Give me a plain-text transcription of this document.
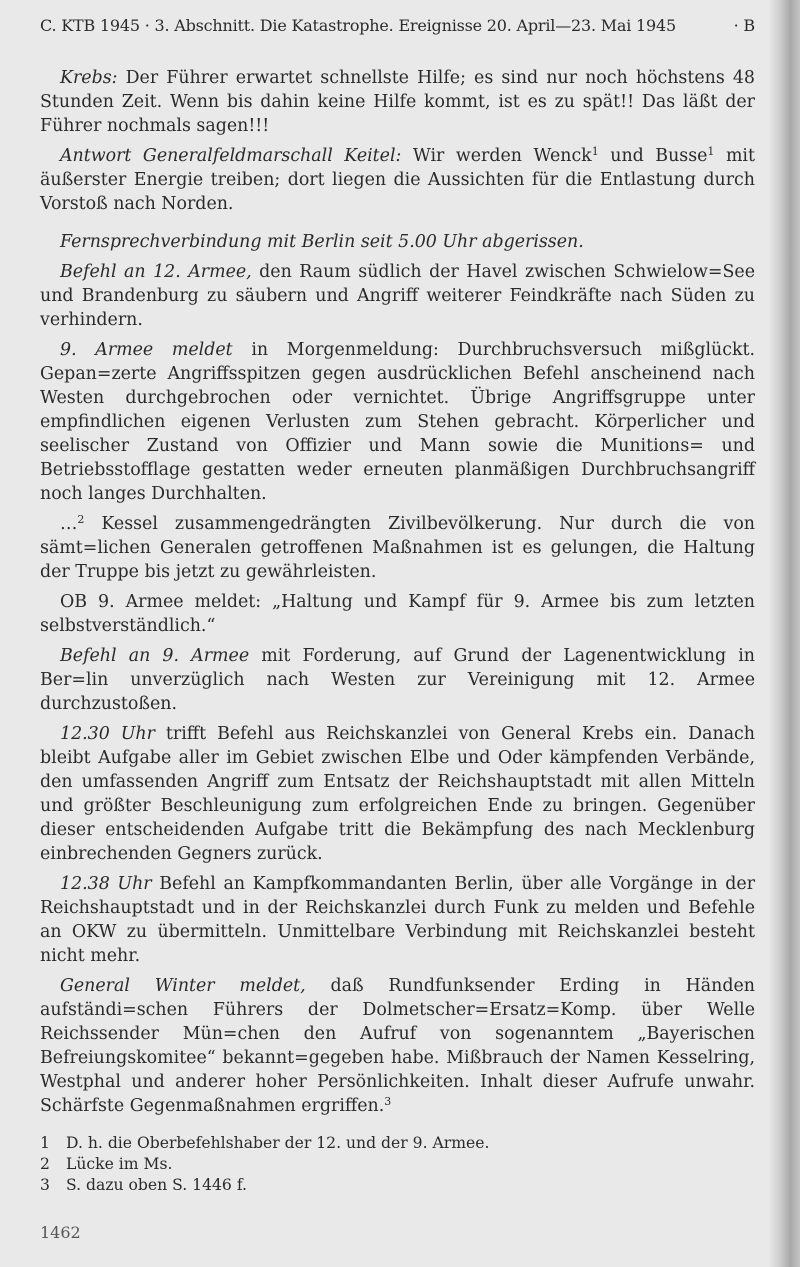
C. KTB 1945 · 3. Abschnitt. Die Katastrophe. Ereignisse 20. April—23. Mai 1945	· B

Krebs: Der Führer erwartet schnellste Hilfe; es sind nur noch höchstens 48 Stunden Zeit. Wenn bis dahin keine Hilfe kommt, ist es zu spät!! Das läßt der Führer nochmals sagen!!!

Antwort Generalfeldmarschall Keitel: Wir werden Wenck$^1$ und Busse$^1$ mit äußerster Energie treiben; dort liegen die Aussichten für die Entlastung durch Vorstoß nach Norden.

Fernsprechverbindung mit Berlin seit 5.00 Uhr abgerissen.

Befehl an 12. Armee, den Raum südlich der Havel zwischen Schwielow=See und Brandenburg zu säubern und Angriff weiterer Feindkräfte nach Süden zu verhindern.

9. Armee meldet in Morgenmeldung: Durchbruchsversuch mißglückt. Gepan=zerte Angriffsspitzen gegen ausdrücklichen Befehl anscheinend nach Westen durchgebrochen oder vernichtet. Übrige Angriffsgruppe unter empfindlichen eigenen Verlusten zum Stehen gebracht. Körperlicher und seelischer Zustand von Offizier und Mann sowie die Munitions= und Betriebsstofflage gestatten weder erneuten planmäßigen Durchbruchsangriff noch langes Durchhalten.

…$^2$ Kessel zusammengedrängten Zivilbevölkerung. Nur durch die von sämt=lichen Generalen getroffenen Maßnahmen ist es gelungen, die Haltung der Truppe bis jetzt zu gewährleisten.

OB 9. Armee meldet: „Haltung und Kampf für 9. Armee bis zum letzten selbstverständlich.“

Befehl an 9. Armee mit Forderung, auf Grund der Lagenentwicklung in Ber=lin unverzüglich nach Westen zur Vereinigung mit 12. Armee durchzustoßen.

12.30 Uhr trifft Befehl aus Reichskanzlei von General Krebs ein. Danach bleibt Aufgabe aller im Gebiet zwischen Elbe und Oder kämpfenden Verbände, den umfassenden Angriff zum Entsatz der Reichshauptstadt mit allen Mitteln und größter Beschleunigung zum erfolgreichen Ende zu bringen. Gegenüber dieser entscheidenden Aufgabe tritt die Bekämpfung des nach Mecklenburg einbrechenden Gegners zurück.

12.38 Uhr Befehl an Kampfkommandanten Berlin, über alle Vorgänge in der Reichshauptstadt und in der Reichskanzlei durch Funk zu melden und Befehle an OKW zu übermitteln. Unmittelbare Verbindung mit Reichskanzlei besteht nicht mehr.

General Winter meldet, daß Rundfunksender Erding in Händen aufständi=schen Führers der Dolmetscher=Ersatz=Komp. über Welle Reichssender Mün=chen den Aufruf von sogenanntem „Bayerischen Befreiungskomitee“ bekannt=gegeben habe. Mißbrauch der Namen Kesselring, Westphal und anderer hoher Persönlichkeiten. Inhalt dieser Aufrufe unwahr. Schärfste Gegenmaßnahmen ergriffen.$^3$

1	D. h. die Oberbefehlshaber der 12. und der 9. Armee.
2	Lücke im Ms.
3	S. dazu oben S. 1446 f.
1462
